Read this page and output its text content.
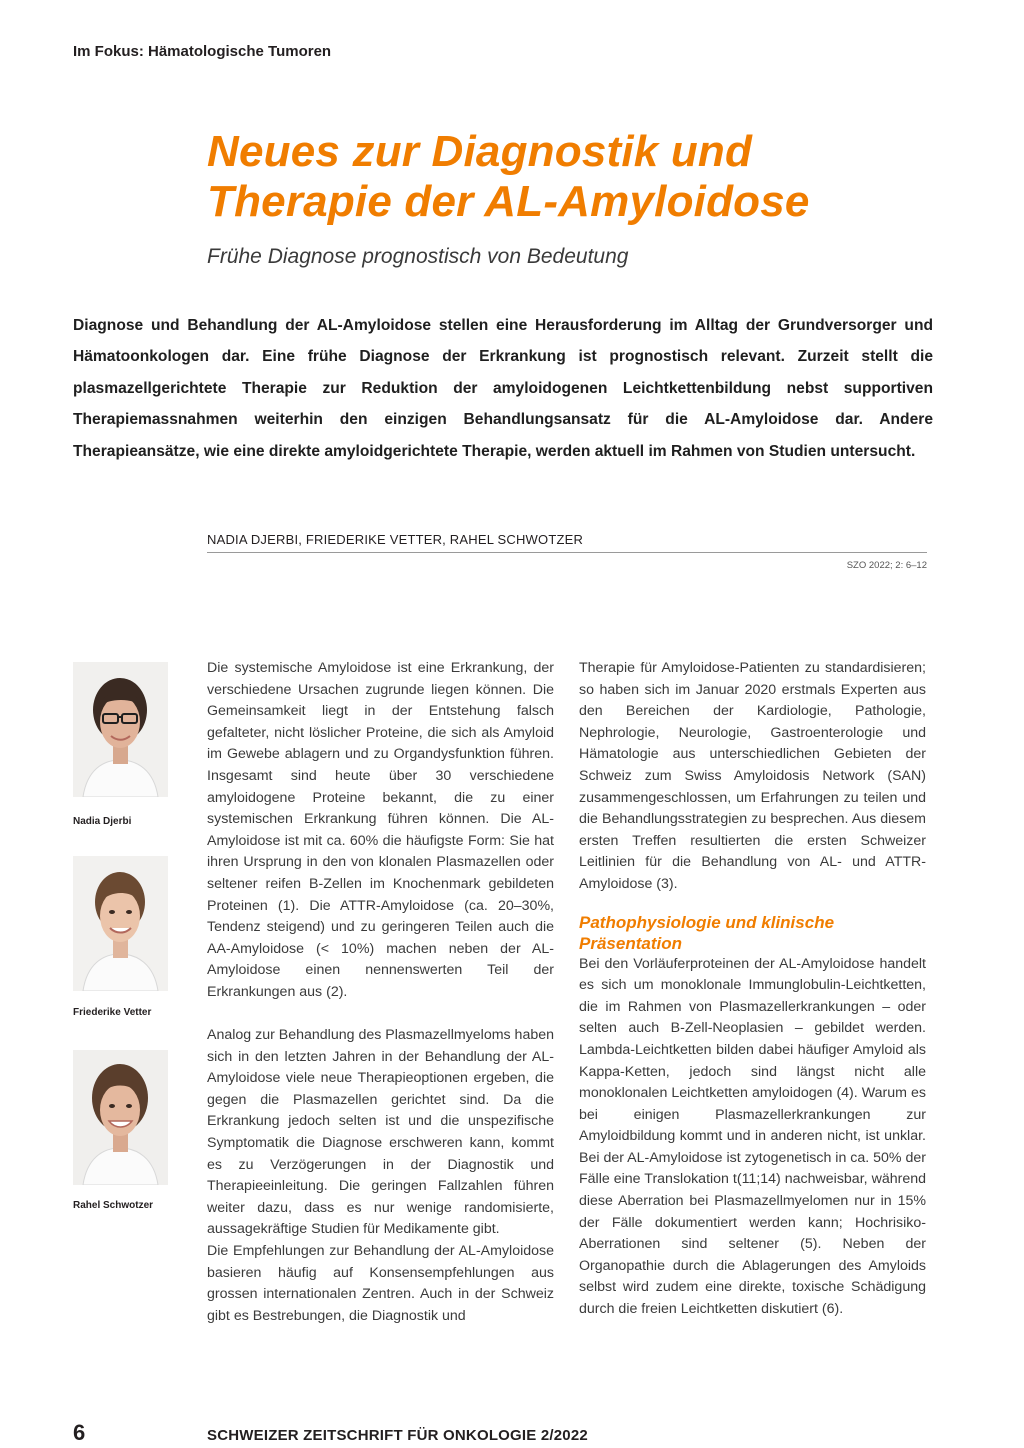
Im Fokus: Hämatologische Tumoren
Neues zur Diagnostik und
Therapie der AL-Amyloidose
Frühe Diagnose prognostisch von Bedeutung

Diagnose und Behandlung der AL-Amyloidose stellen eine Herausforderung im Alltag der Grundversorger und Hämatoonkologen dar. Eine frühe Diagnose der Erkrankung ist prognostisch relevant. Zurzeit stellt die plasmazellgerichtete Therapie zur Reduktion der amyloidogenen Leichtkettenbildung nebst supportiven Therapiemassnahmen weiterhin den einzigen Behandlungsansatz für die AL-Amyloidose dar. Andere Therapieansätze, wie eine direkte amyloidgerichtete Therapie, werden aktuell im Rahmen von Studien untersucht.

NADIA DJERBI, FRIEDERIKE VETTER, RAHEL SCHWOTZER
SZO 2022; 2: 6–12
Nadia Djerbi
Friederike Vetter
Rahel Schwotzer

Die systemische Amyloidose ist eine Erkrankung, der verschiedene Ursachen zugrunde liegen können. Die Gemeinsamkeit liegt in der Entstehung falsch gefalteter, nicht löslicher Proteine, die sich als Amyloid im Gewebe ablagern und zu Organdysfunktion führen. Insgesamt sind heute über 30 verschiedene amyloidogene Proteine bekannt, die zu einer systemischen Erkrankung führen können. Die AL-Amyloidose ist mit ca. 60% die häufigste Form: Sie hat ihren Ursprung in den von klonalen Plasmazellen oder seltener reifen B-Zellen im Knochenmark gebildeten Proteinen (1). Die ATTR-Amyloidose (ca. 20–30%, Tendenz steigend) und zu geringeren Teilen auch die AA-Amyloidose (< 10%) machen neben der AL-Amyloidose einen nennenswerten Teil der Erkrankungen aus (2).

Analog zur Behandlung des Plasmazellmyeloms haben sich in den letzten Jahren in der Behandlung der AL-Amyloidose viele neue Therapieoptionen ergeben, die gegen die Plasmazellen gerichtet sind. Da die Erkrankung jedoch selten ist und die unspezifische Symptomatik die Diagnose erschweren kann, kommt es zu Verzögerungen in der Diagnostik und Therapieeinleitung. Die geringen Fallzahlen führen weiter dazu, dass es nur wenige randomisierte, aussagekräftige Studien für Medikamente gibt.

Die Empfehlungen zur Behandlung der AL-Amyloidose basieren häufig auf Konsensempfehlungen aus grossen internationalen Zentren. Auch in der Schweiz gibt es Bestrebungen, die Diagnostik und

Therapie für Amyloidose-Patienten zu standardisieren; so haben sich im Januar 2020 erstmals Experten aus den Bereichen der Kardiologie, Pathologie, Nephrologie, Neurologie, Gastroenterologie und Hämatologie aus unterschiedlichen Gebieten der Schweiz zum Swiss Amyloidosis Network (SAN) zusammengeschlossen, um Erfahrungen zu teilen und die Behandlungsstrategien zu besprechen. Aus diesem ersten Treffen resultierten die ersten Schweizer Leitlinien für die Behandlung von AL- und ATTR-Amyloidose (3).

Pathophysiologie und klinische Präsentation

Bei den Vorläuferproteinen der AL-Amyloidose handelt es sich um monoklonale Immunglobulin-Leichtketten, die im Rahmen von Plasmazellerkrankungen – oder selten auch B-Zell-Neoplasien – gebildet werden. Lambda-Leichtketten bilden dabei häufiger Amyloid als Kappa-Ketten, jedoch sind längst nicht alle monoklonalen Leichtketten amyloidogen (4). Warum es bei einigen Plasmazellerkrankungen zur Amyloidbildung kommt und in anderen nicht, ist unklar. Bei der AL-Amyloidose ist zytogenetisch in ca. 50% der Fälle eine Translokation t(11;14) nachweisbar, während diese Aberration bei Plasmazellmyelomen nur in 15% der Fälle dokumentiert werden kann; Hochrisiko-Aberrationen sind seltener (5). Neben der Organopathie durch die Ablagerungen des Amyloids selbst wird zudem eine direkte, toxische Schädigung durch die freien Leichtketten diskutiert (6).

6	SCHWEIZER ZEITSCHRIFT FÜR ONKOLOGIE 2/2022
